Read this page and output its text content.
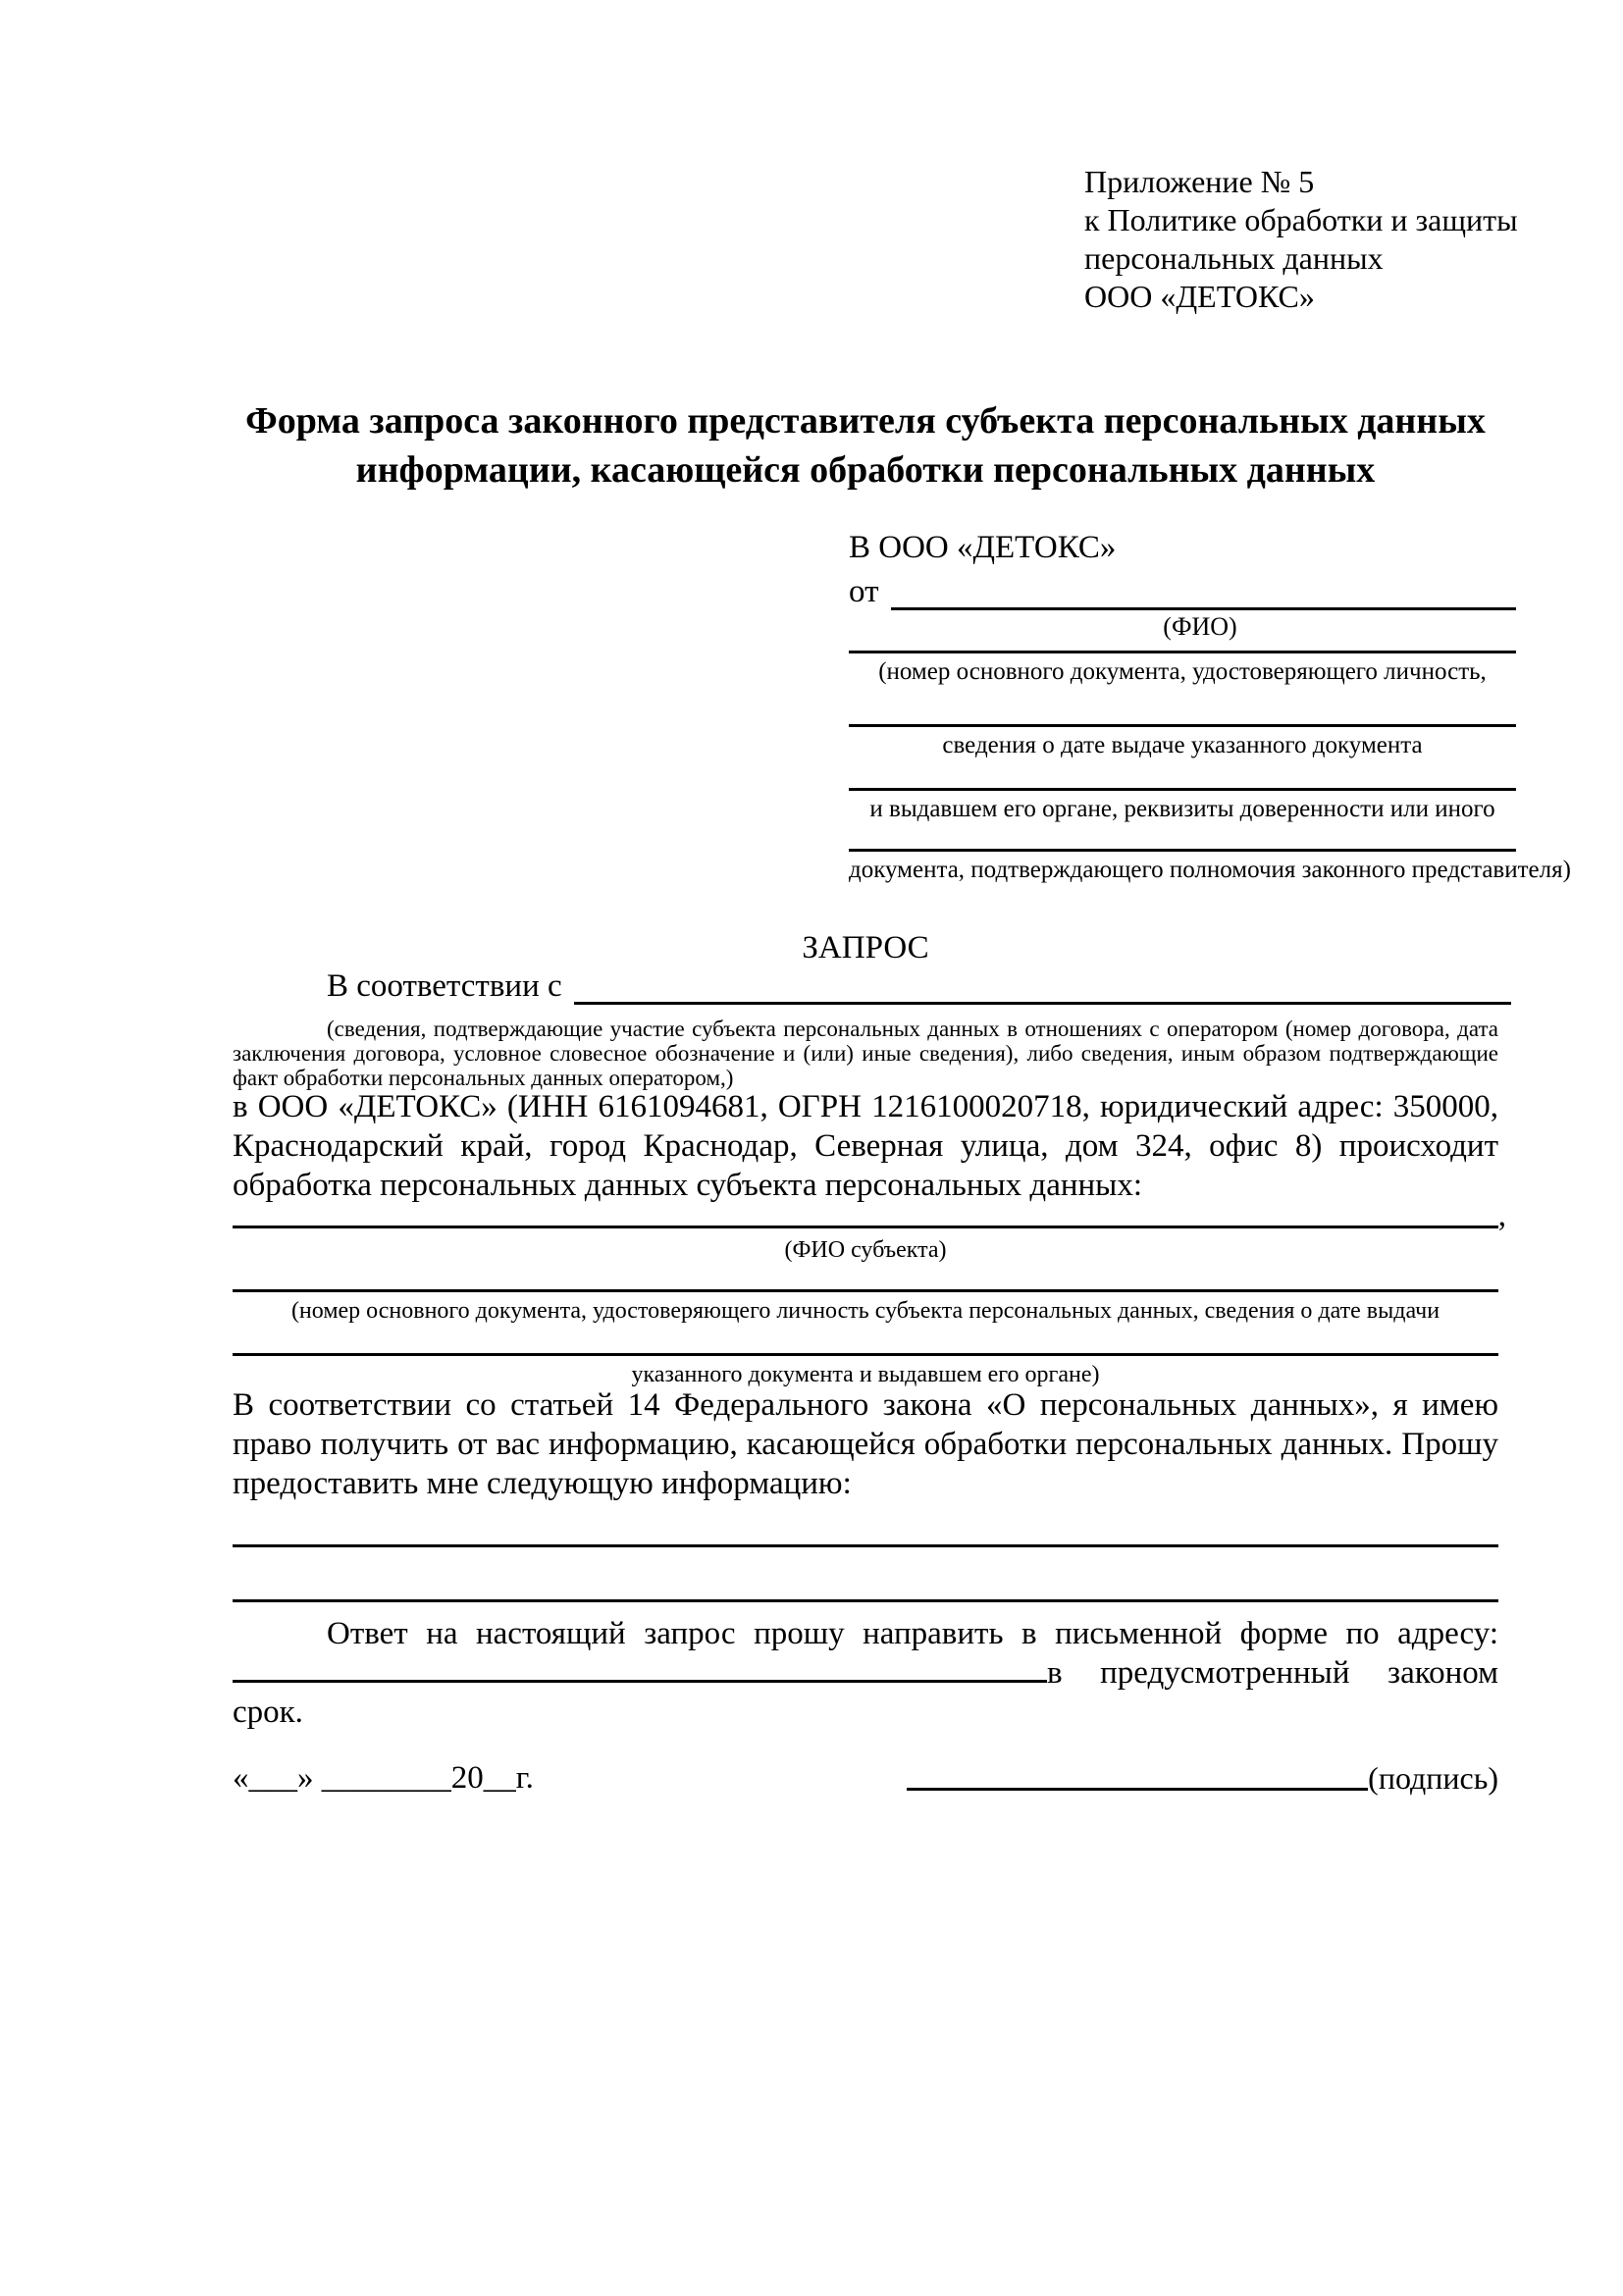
Приложение № 5
к Политике обработки и защиты
персональных данных
ООО «ДЕТОКС»
Форма запроса законного представителя субъекта персональных данных
информации, касающейся обработки персональных данных
В ООО «ДЕТОКС»
от
(ФИО)
(номер основного документа, удостоверяющего личность,
сведения о дате выдаче указанного документа
и выдавшем его органе, реквизиты доверенности или иного
документа, подтверждающего полномочия законного представителя)
ЗАПРОС
В соответствии с
(сведения, подтверждающие участие субъекта персональных данных в отношениях с оператором (номер договора, дата заключения договора, условное словесное обозначение и (или) иные сведения), либо сведения, иным образом подтверждающие факт обработки персональных данных оператором,)
в ООО «ДЕТОКС» (ИНН 6161094681, ОГРН 1216100020718, юридический адрес: 350000, Краснодарский край, город Краснодар, Северная улица, дом 324, офис 8) происходит обработка персональных данных субъекта персональных данных:
,
(ФИО субъекта)
(номер основного документа, удостоверяющего личность субъекта персональных данных, сведения о дате выдачи
указанного документа и выдавшем его органе)
В соответствии со статьей 14 Федерального закона «О персональных данных», я имею право получить от вас информацию, касающейся обработки персональных данных. Прошу предоставить мне следующую информацию:

Ответ на настоящий запрос прошу направить в письменной форме по адресу: в предусмотренный законом срок.

«___» ________20__г.	(подпись)
